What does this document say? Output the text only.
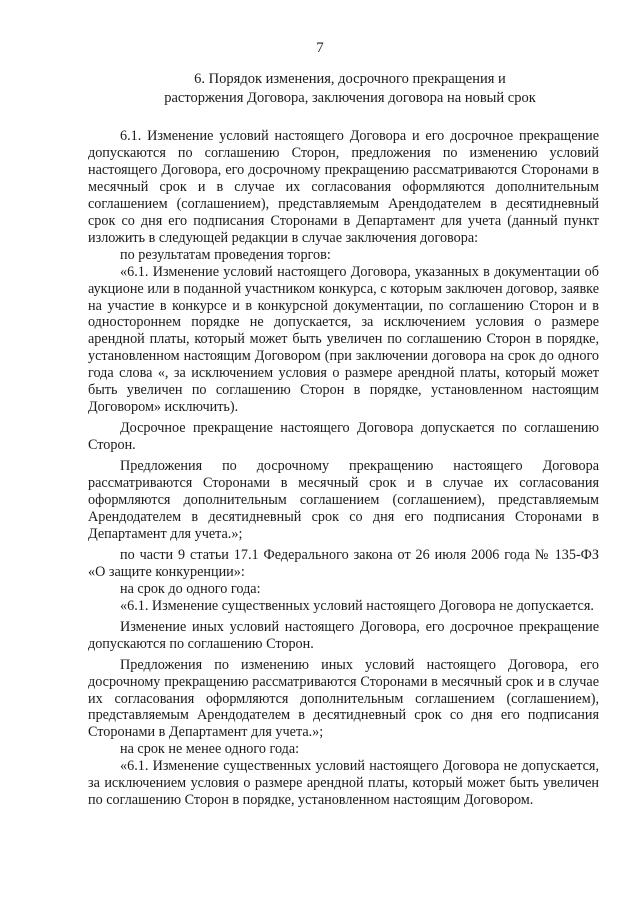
7
6. Порядок изменения, досрочного прекращения и
расторжения Договора, заключения договора на новый срок

6.1. Изменение условий настоящего Договора и его досрочное прекращение допускаются по соглашению Сторон, предложения по изменению условий настоящего Договора, его досрочному прекращению рассматриваются Сторонами в месячный срок и в случае их согласования оформляются дополнительным соглашением (соглашением), представляемым Арендодателем в десятидневный срок со дня его подписания Сторонами в Департамент для учета (данный пункт изложить в следующей редакции в случае заключения договора:

по результатам проведения торгов:

«6.1. Изменение условий настоящего Договора, указанных в документации об аукционе или в поданной участником конкурса, с которым заключен договор, заявке на участие в конкурсе и в конкурсной документации, по соглашению Сторон и в одностороннем порядке не допускается, за исключением условия о размере арендной платы, который может быть увеличен по соглашению Сторон в порядке, установленном настоящим Договором (при заключении договора на срок до одного года слова «, за исключением условия о размере арендной платы, который может быть увеличен по соглашению Сторон в порядке, установленном настоящим Договором» исключить).

Досрочное прекращение настоящего Договора допускается по соглашению Сторон.

Предложения по досрочному прекращению настоящего Договора рассматриваются Сторонами в месячный срок и в случае их согласования оформляются дополнительным соглашением (соглашением), представляемым Арендодателем в десятидневный срок со дня его подписания Сторонами в Департамент для учета.»;

по части 9 статьи 17.1 Федерального закона от 26 июля 2006 года № 135-ФЗ «О защите конкуренции»:

на срок до одного года:

«6.1. Изменение существенных условий настоящего Договора не допускается.

Изменение иных условий настоящего Договора, его досрочное прекращение допускаются по соглашению Сторон.

Предложения по изменению иных условий настоящего Договора, его досрочному прекращению рассматриваются Сторонами в месячный срок и в случае их согласования оформляются дополнительным соглашением (соглашением), представляемым Арендодателем в десятидневный срок со дня его подписания Сторонами в Департамент для учета.»;

на срок не менее одного года:

«6.1. Изменение существенных условий настоящего Договора не допускается, за исключением условия о размере арендной платы, который может быть увеличен по соглашению Сторон в порядке, установленном настоящим Договором.
